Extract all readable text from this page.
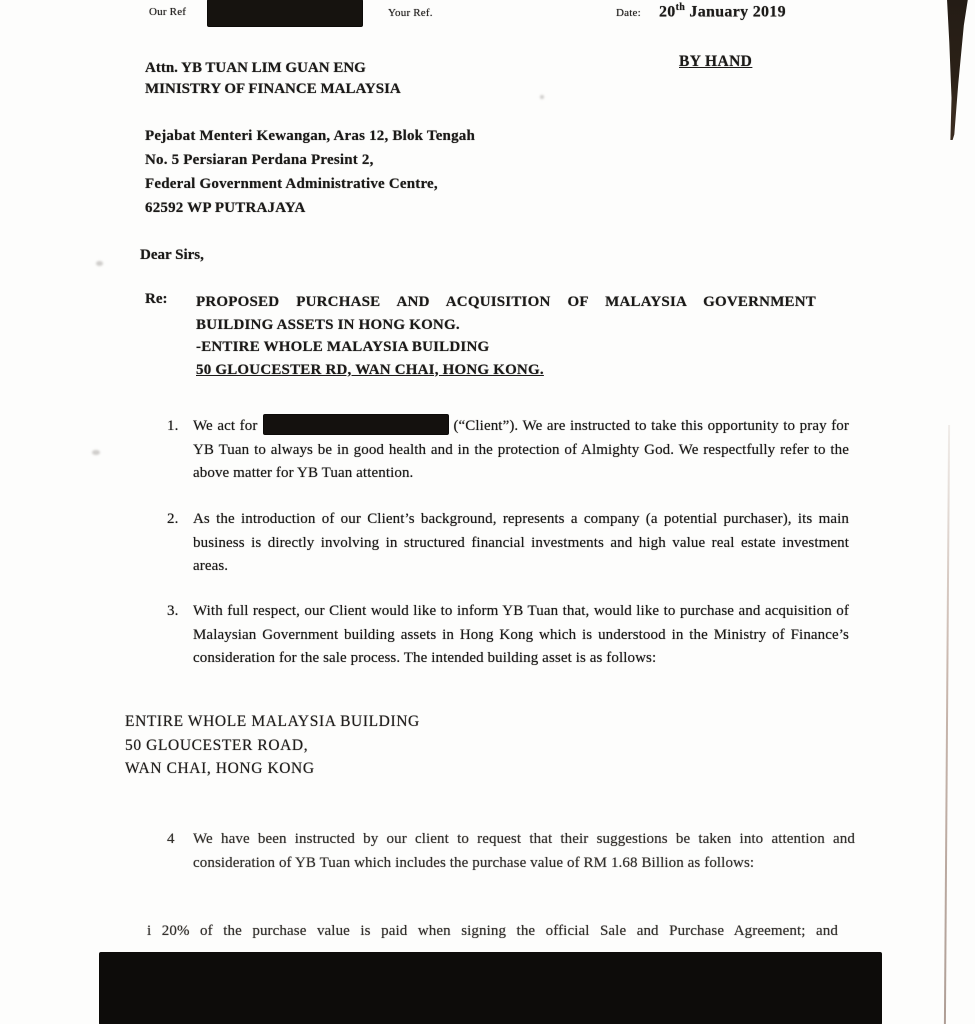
Our Ref	Your Ref.	Date: 20th January 2019
BY HAND
Attn. YB TUAN LIM GUAN ENG
MINISTRY OF FINANCE MALAYSIA
Pejabat Menteri Kewangan, Aras 12, Blok Tengah
No. 5 Persiaran Perdana Presint 2,
Federal Government Administrative Centre,
62592 WP PUTRAJAYA
Dear Sirs,
Re: PROPOSED PURCHASE AND ACQUISITION OF MALAYSIA GOVERNMENT
BUILDING ASSETS IN HONG KONG.
-ENTIRE WHOLE MALAYSIA BUILDING
50 GLOUCESTER RD, WAN CHAI, HONG KONG.
1. We act for	(“Client”). We are instructed to take this opportunity to pray for YB Tuan to always be in good health and in the protection of Almighty God. We respectfully refer to the above matter for YB Tuan attention.
2. As the introduction of our Client’s background, represents a company (a potential purchaser), its main business is directly involving in structured financial investments and high value real estate investment areas.
3. With full respect, our Client would like to inform YB Tuan that, would like to purchase and acquisition of Malaysian Government building assets in Hong Kong which is understood in the Ministry of Finance’s consideration for the sale process. The intended building asset is as follows:
ENTIRE WHOLE MALAYSIA BUILDING
50 GLOUCESTER ROAD,
WAN CHAI, HONG KONG
4 We have been instructed by our client to request that their suggestions be taken into attention and consideration of YB Tuan which includes the purchase value of RM 1.68 Billion as follows:
i 20% of the purchase value is paid when signing the official Sale and Purchase Agreement; and
